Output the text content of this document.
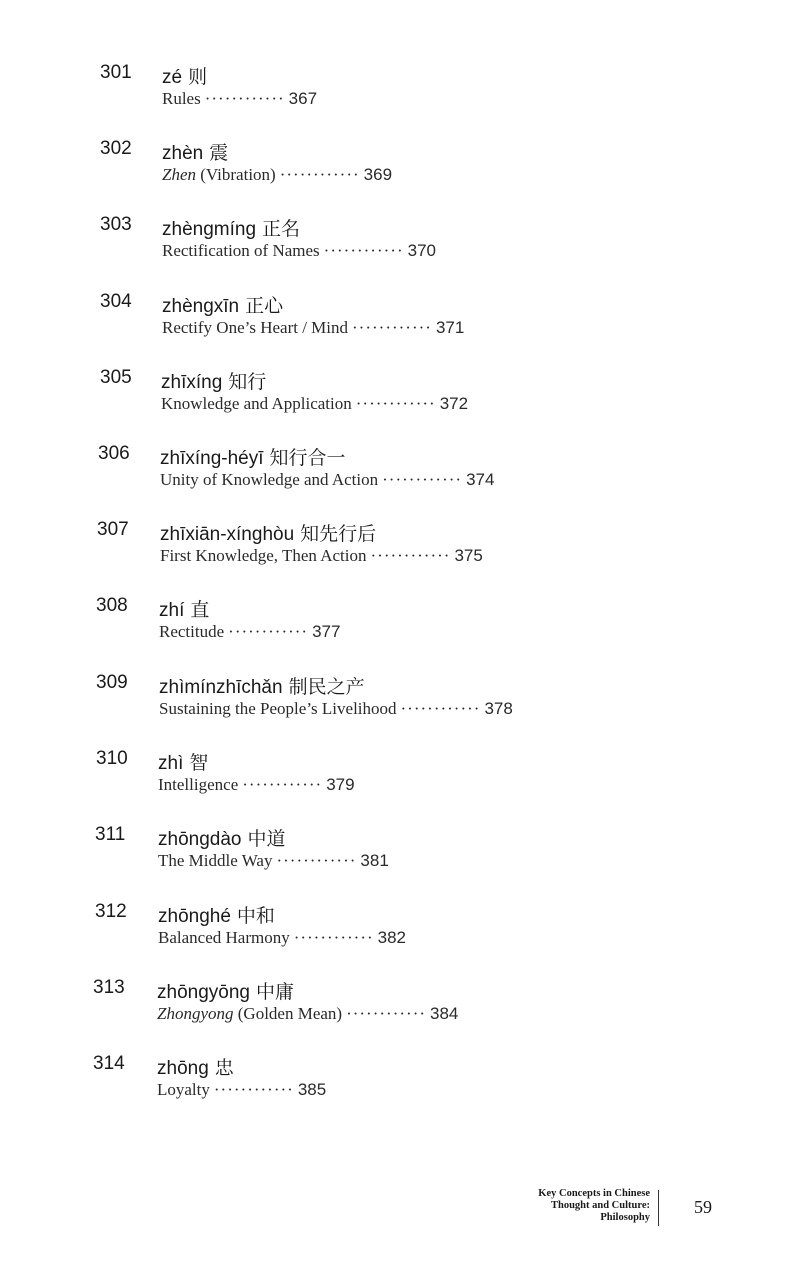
301 zé 则
Rules ············ 367
302 zhèn 震
Zhen (Vibration) ············ 369
303 zhèngmíng 正名
Rectification of Names ············ 370
304 zhèngxīn 正心
Rectify One’s Heart / Mind ············ 371
305 zhīxíng 知行
Knowledge and Application ············ 372
306 zhīxíng-héyī 知行合一
Unity of Knowledge and Action ············ 374
307 zhīxiān-xínghòu 知先行后
First Knowledge, Then Action ············ 375
308 zhí 直
Rectitude ············ 377
309 zhìmínzhīchǎn 制民之产
Sustaining the People’s Livelihood ············ 378
310 zhì 智
Intelligence ············ 379
311 zhōngdào 中道
The Middle Way ············ 381
312 zhōnghé 中和
Balanced Harmony ············ 382
313 zhōngyōng 中庸
Zhongyong (Golden Mean) ············ 384
314 zhōng 忠
Loyalty ············ 385
Key Concepts in Chinese
Thought and Culture:
Philosophy
59
